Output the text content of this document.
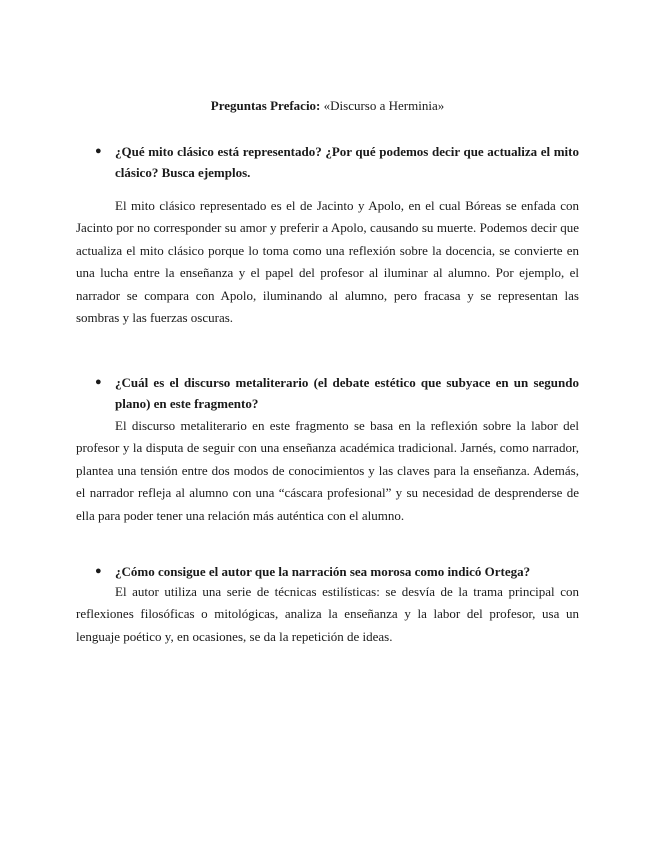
Preguntas Prefacio: «Discurso a Herminia»
● ¿Qué mito clásico está representado? ¿Por qué podemos decir que actualiza el mito clásico? Busca ejemplos.

El mito clásico representado es el de Jacinto y Apolo, en el cual Bóreas se enfada con Jacinto por no corresponder su amor y preferir a Apolo, causando su muerte. Podemos decir que actualiza el mito clásico porque lo toma como una reflexión sobre la docencia, se convierte en una lucha entre la enseñanza y el papel del profesor al iluminar al alumno. Por ejemplo, el narrador se compara con Apolo, iluminando al alumno, pero fracasa y se representan las sombras y las fuerzas oscuras.

● ¿Cuál es el discurso metaliterario (el debate estético que subyace en un segundo plano) en este fragmento?

El discurso metaliterario en este fragmento se basa en la reflexión sobre la labor del profesor y la disputa de seguir con una enseñanza académica tradicional. Jarnés, como narrador, plantea una tensión entre dos modos de conocimientos y las claves para la enseñanza. Además, el narrador refleja al alumno con una “cáscara profesional” y su necesidad de desprenderse de ella para poder tener una relación más auténtica con el alumno.

● ¿Cómo consigue el autor que la narración sea morosa como indicó Ortega?

El autor utiliza una serie de técnicas estilísticas: se desvía de la trama principal con reflexiones filosóficas o mitológicas, analiza la enseñanza y la labor del profesor, usa un lenguaje poético y, en ocasiones, se da la repetición de ideas.
